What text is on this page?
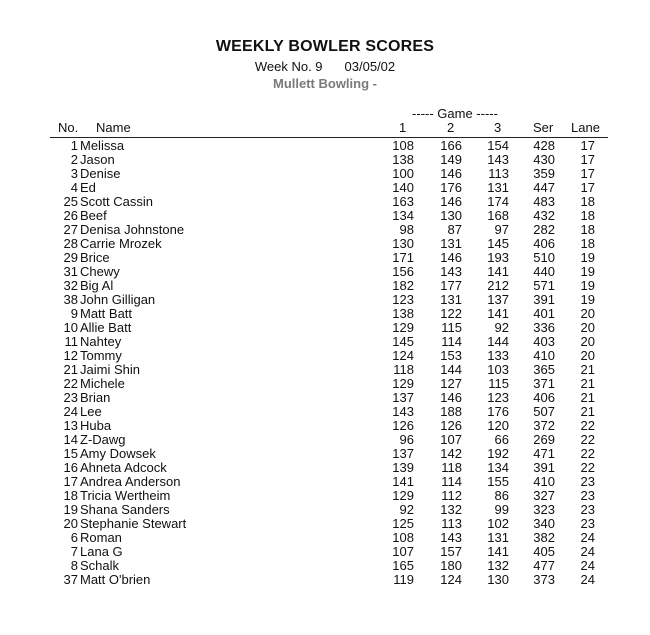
WEEKLY BOWLER SCORES
Week No. 9 03/05/02
Mullett Bowling -
----- Game -----
No. Name	1	2	3 Ser Lane
1 Melissa	108 166 154 428 17
2 Jason	138 149 143 430 17
3 Denise	100 146 113 359 17
4 Ed	140 176 131 447 17
25 Scott Cassin	163 146 174 483 18
26 Beef	134 130 168 432 18
27 Denisa Johnstone	98	87	97 282 18
28 Carrie Mrozek	130 131 145 406 18
29 Brice	171 146 193 510 19
31 Chewy	156 143 141 440 19
32 Big Al	182 177 212 571 19
38 John Gilligan	123 131 137 391 19
9 Matt Batt	138 122 141 401 20
10 Allie Batt	129 115	92 336 20
11 Nahtey	145 114 144 403 20
12 Tommy	124 153 133 410 20
21 Jaimi Shin	118 144 103 365 21
22 Michele	129 127 115 371 21
23 Brian	137 146 123 406 21
24 Lee	143 188 176 507 21
13 Huba	126 126 120 372 22
14 Z-Dawg	96 107	66 269 22
15 Amy Dowsek	137 142 192 471 22
16 Ahneta Adcock	139 118 134 391 22
17 Andrea Anderson	141 114 155 410 23
18 Tricia Wertheim	129 112	86 327 23
19 Shana Sanders	92 132	99 323 23
20 Stephanie Stewart	125 113 102 340 23
6 Roman	108 143 131 382 24
7 Lana G	107 157 141 405 24
8 Schalk	165 180 132 477 24
37 Matt O'brien	119 124 130 373 24
